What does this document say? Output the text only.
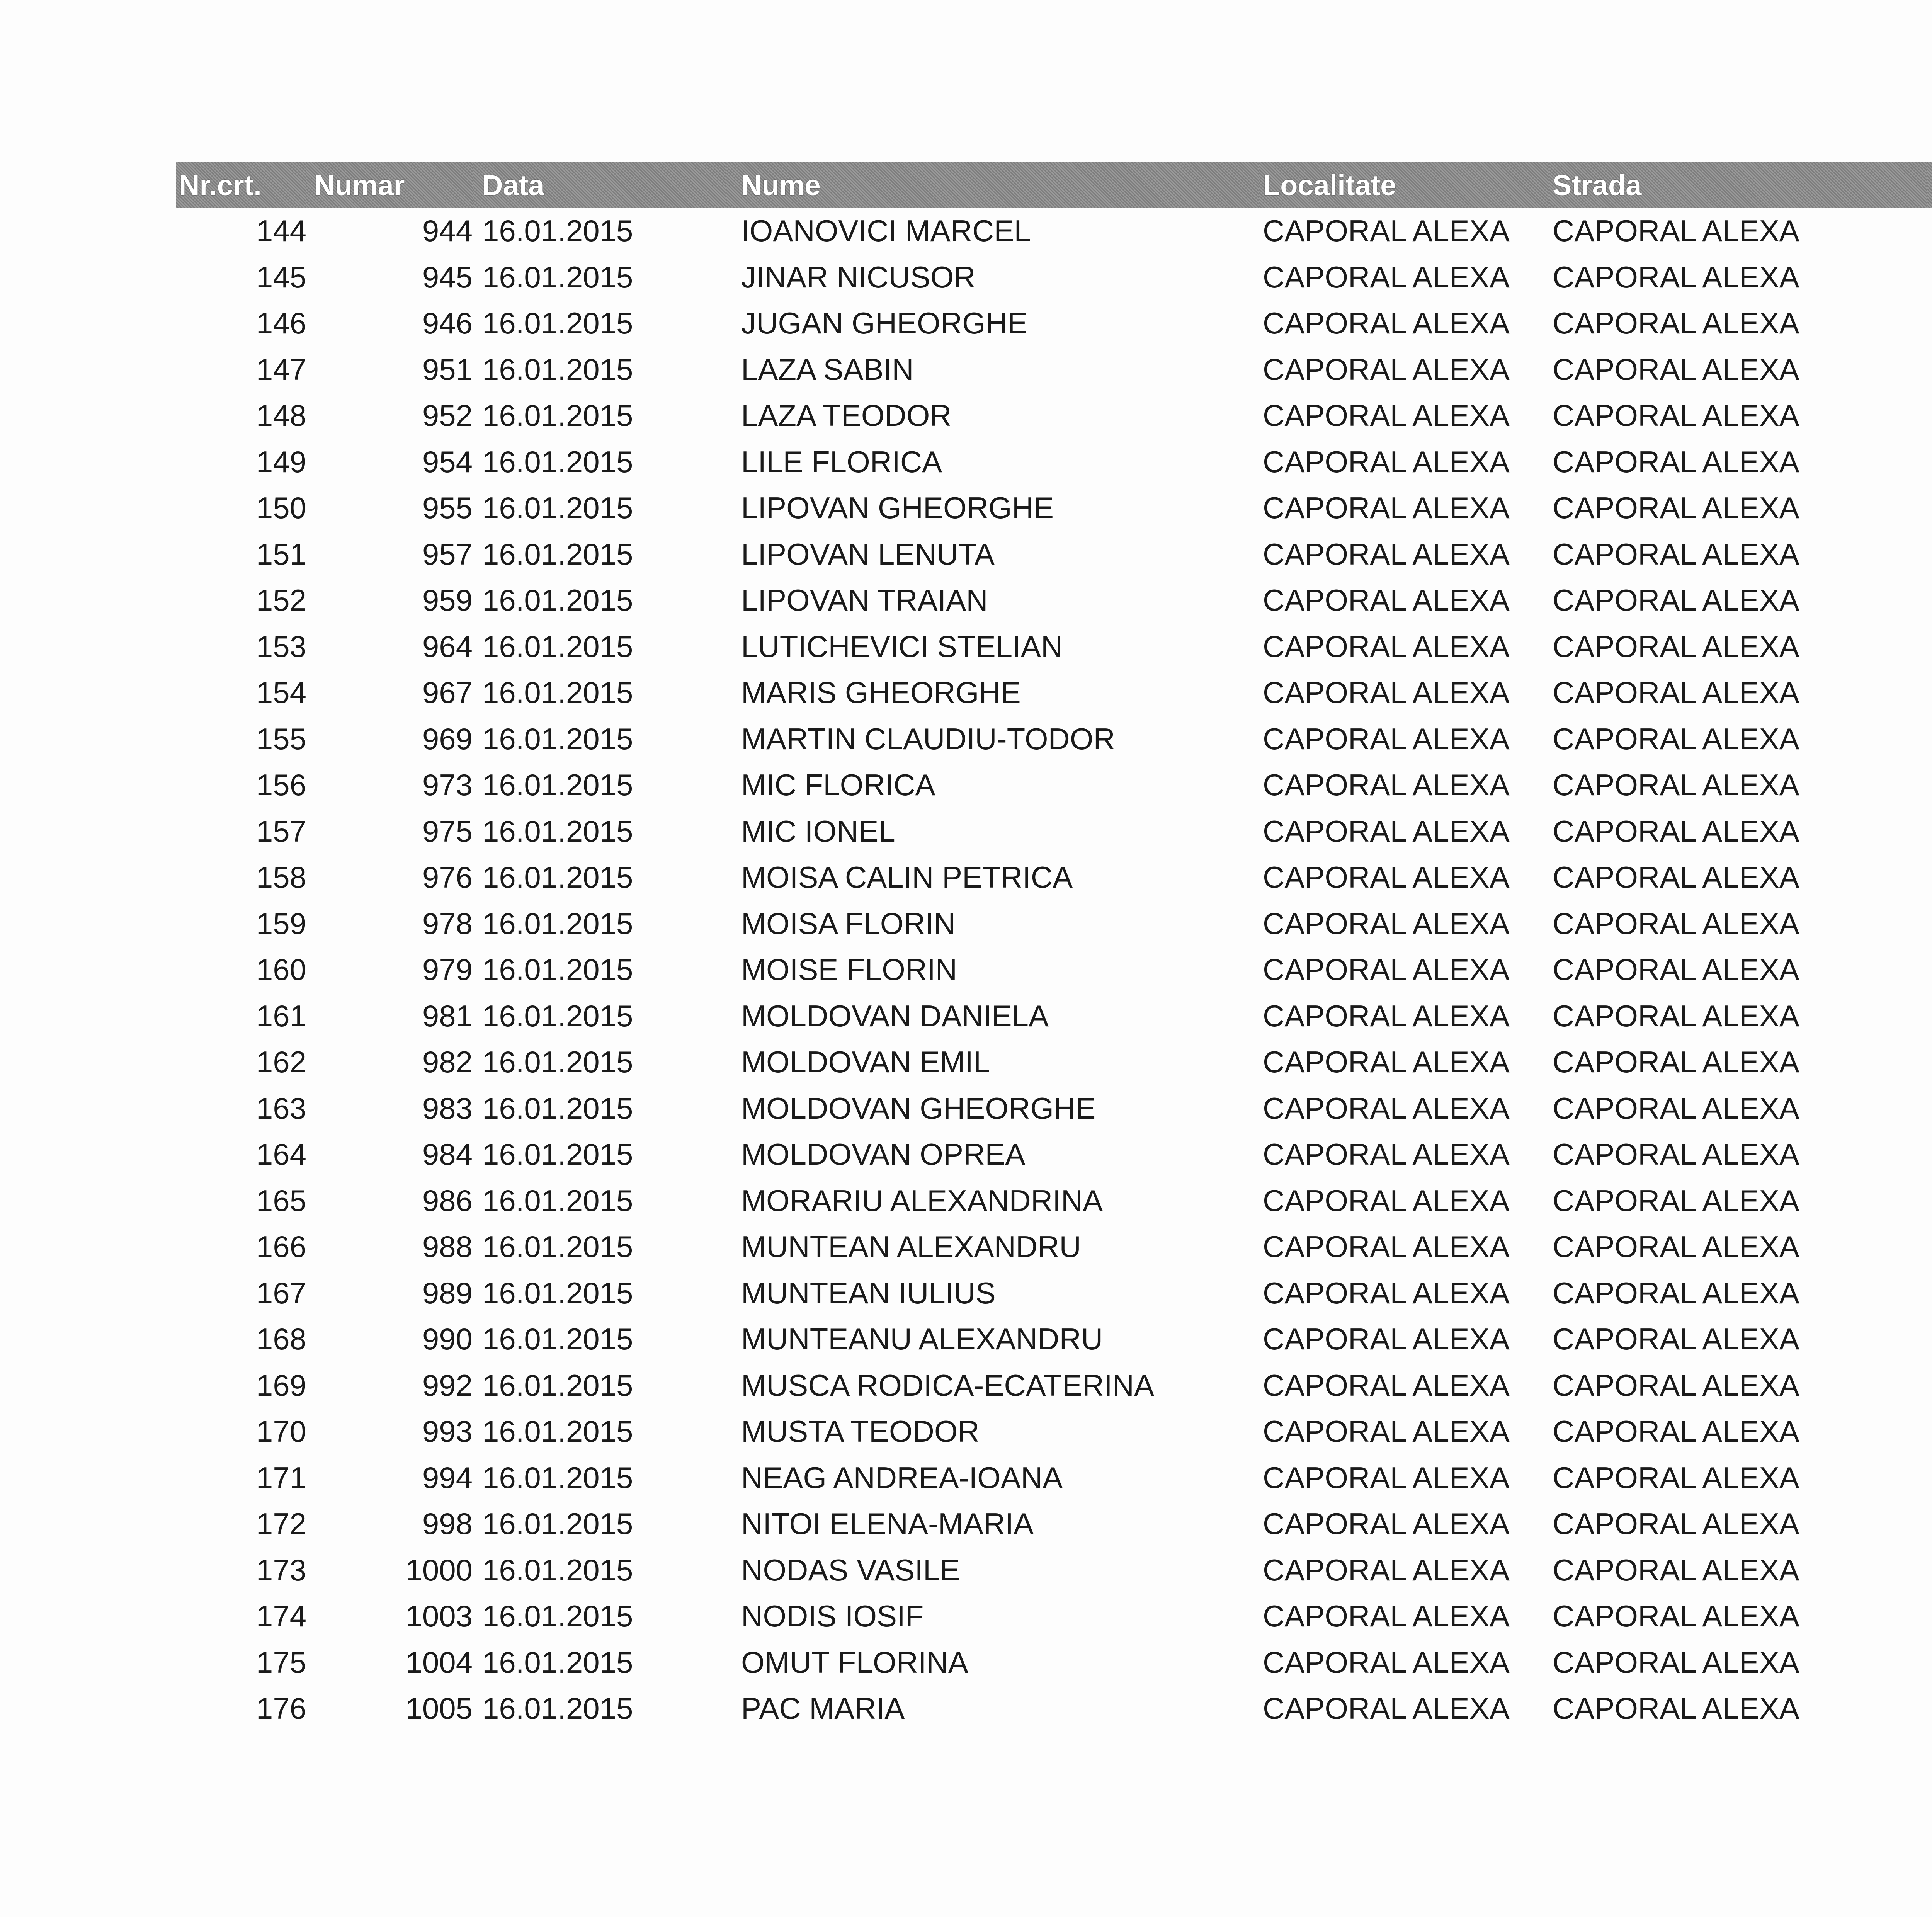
Nr.crt.	Numar	Data	Nume	Localitate	Strada				
144	944	16.01.2015	IOANOVICI MARCEL	CAPORAL ALEXA	CAPORAL ALEXA				
145	945	16.01.2015	JINAR NICUSOR	CAPORAL ALEXA	CAPORAL ALEXA				
146	946	16.01.2015	JUGAN GHEORGHE	CAPORAL ALEXA	CAPORAL ALEXA				
147	951	16.01.2015	LAZA SABIN	CAPORAL ALEXA	CAPORAL ALEXA				
148	952	16.01.2015	LAZA TEODOR	CAPORAL ALEXA	CAPORAL ALEXA				
149	954	16.01.2015	LILE FLORICA	CAPORAL ALEXA	CAPORAL ALEXA				
150	955	16.01.2015	LIPOVAN GHEORGHE	CAPORAL ALEXA	CAPORAL ALEXA				
151	957	16.01.2015	LIPOVAN LENUTA	CAPORAL ALEXA	CAPORAL ALEXA				
152	959	16.01.2015	LIPOVAN TRAIAN	CAPORAL ALEXA	CAPORAL ALEXA				
153	964	16.01.2015	LUTICHEVICI STELIAN	CAPORAL ALEXA	CAPORAL ALEXA				
154	967	16.01.2015	MARIS GHEORGHE	CAPORAL ALEXA	CAPORAL ALEXA				
155	969	16.01.2015	MARTIN CLAUDIU-TODOR	CAPORAL ALEXA	CAPORAL ALEXA				
156	973	16.01.2015	MIC FLORICA	CAPORAL ALEXA	CAPORAL ALEXA				
157	975	16.01.2015	MIC IONEL	CAPORAL ALEXA	CAPORAL ALEXA				
158	976	16.01.2015	MOISA CALIN PETRICA	CAPORAL ALEXA	CAPORAL ALEXA				
159	978	16.01.2015	MOISA FLORIN	CAPORAL ALEXA	CAPORAL ALEXA				
160	979	16.01.2015	MOISE FLORIN	CAPORAL ALEXA	CAPORAL ALEXA				
161	981	16.01.2015	MOLDOVAN DANIELA	CAPORAL ALEXA	CAPORAL ALEXA				
162	982	16.01.2015	MOLDOVAN EMIL	CAPORAL ALEXA	CAPORAL ALEXA				
163	983	16.01.2015	MOLDOVAN GHEORGHE	CAPORAL ALEXA	CAPORAL ALEXA				
164	984	16.01.2015	MOLDOVAN OPREA	CAPORAL ALEXA	CAPORAL ALEXA				
165	986	16.01.2015	MORARIU ALEXANDRINA	CAPORAL ALEXA	CAPORAL ALEXA				
166	988	16.01.2015	MUNTEAN ALEXANDRU	CAPORAL ALEXA	CAPORAL ALEXA				
167	989	16.01.2015	MUNTEAN IULIUS	CAPORAL ALEXA	CAPORAL ALEXA				
168	990	16.01.2015	MUNTEANU ALEXANDRU	CAPORAL ALEXA	CAPORAL ALEXA				
169	992	16.01.2015	MUSCA RODICA-ECATERINA	CAPORAL ALEXA	CAPORAL ALEXA				
170	993	16.01.2015	MUSTA TEODOR	CAPORAL ALEXA	CAPORAL ALEXA				
171	994	16.01.2015	NEAG ANDREA-IOANA	CAPORAL ALEXA	CAPORAL ALEXA				
172	998	16.01.2015	NITOI ELENA-MARIA	CAPORAL ALEXA	CAPORAL ALEXA				
173	1000	16.01.2015	NODAS VASILE	CAPORAL ALEXA	CAPORAL ALEXA				
174	1003	16.01.2015	NODIS IOSIF	CAPORAL ALEXA	CAPORAL ALEXA				
175	1004	16.01.2015	OMUT FLORINA	CAPORAL ALEXA	CAPORAL ALEXA				
176	1005	16.01.2015	PAC MARIA	CAPORAL ALEXA	CAPORAL ALEXA				
